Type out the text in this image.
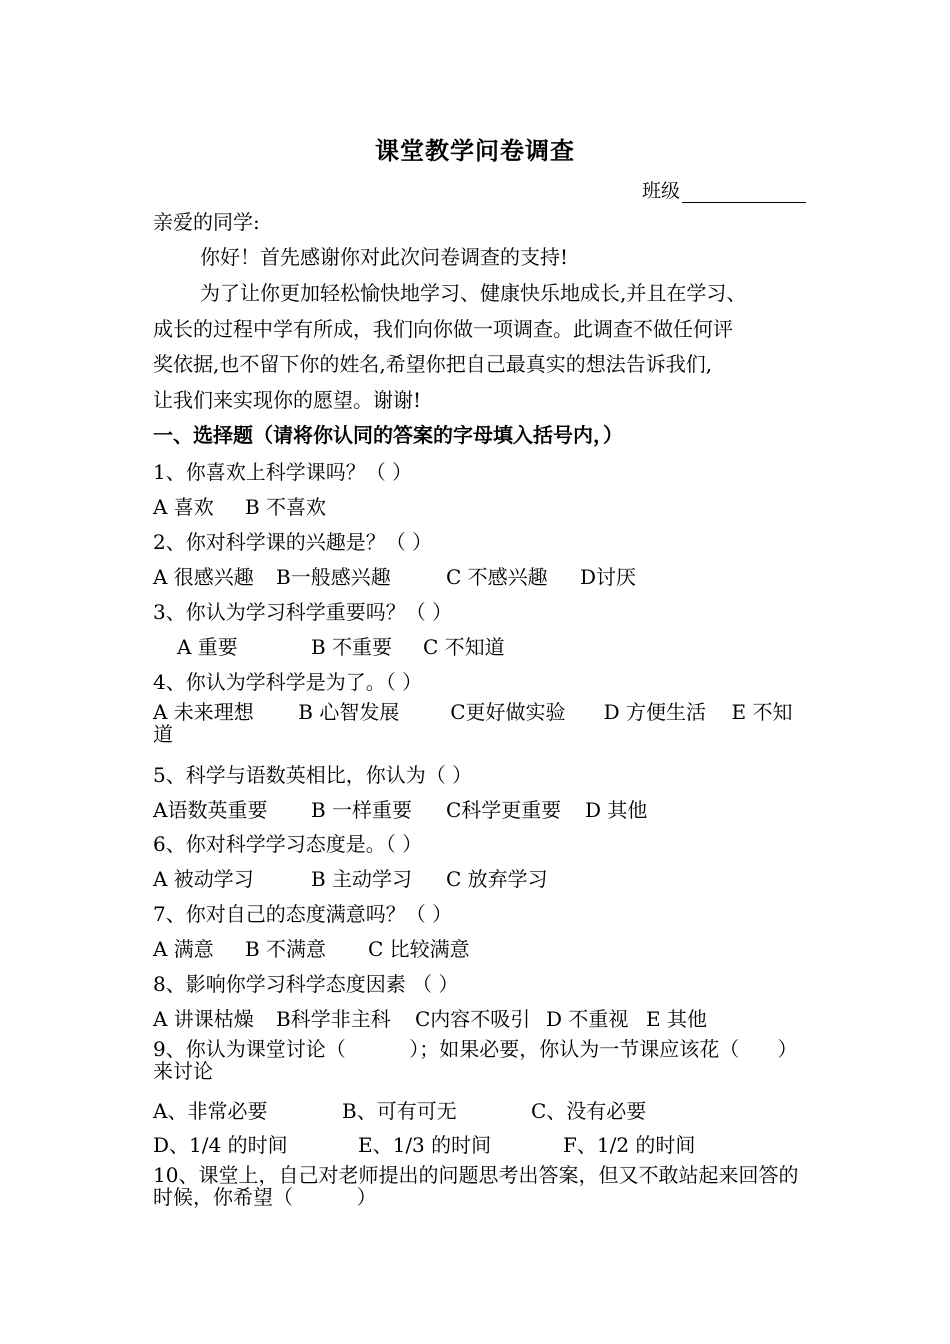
课堂教学问卷调查
班级
亲爱的同学:
你好！首先感谢你对此次问卷调查的支持!
为了让你更加轻松愉快地学习、健康快乐地成长,并且在学习、
成长的过程中学有所成，我们向你做一项调查。此调查不做任何评
奖依据,也不留下你的姓名,希望你把自己最真实的想法告诉我们,
让我们来实现你的愿望。谢谢!
一、选择题（请将你认同的答案的字母填入括号内，）
1、你喜欢上科学课吗？（ ）
A 喜欢 B 不喜欢
2、你对科学课的兴趣是？（ ）
A 很感兴趣 B一般感兴趣	C 不感兴趣 D讨厌
3、你认为学习科学重要吗？（ ）
A 重要	B 不重要 C 不知道
4、你认为学科学是为了。（ ）
A 未来理想       B 心智发展        C更好做实验      D 方便生活    E 不知道
5、科学与语数英相比，你认为（ ）
A语数英重要 B 一样重要 C科学更重要 D 其他
6、你对科学学习态度是。（ ）
A 被动学习	B 主动学习 C 放弃学习
7、你对自己的态度满意吗？（ ）
A 满意 B 不满意 C 比较满意
8、影响你学习科学态度因素 （ ）
A 讲课枯燥 B科学非主科 C内容不吸引 D 不重视 E 其他
9、你认为课堂讨论（          ）；如果必要，你认为一节课应该花（      ）来讨论
A、非常必要	B、可有可无	C、没有必要
D、1/4 的时间	E、1/3 的时间	F、1/2 的时间
10、课堂上，自己对老师提出的问题思考出答案，但又不敢站起来回答的时候，你希望（          ）
